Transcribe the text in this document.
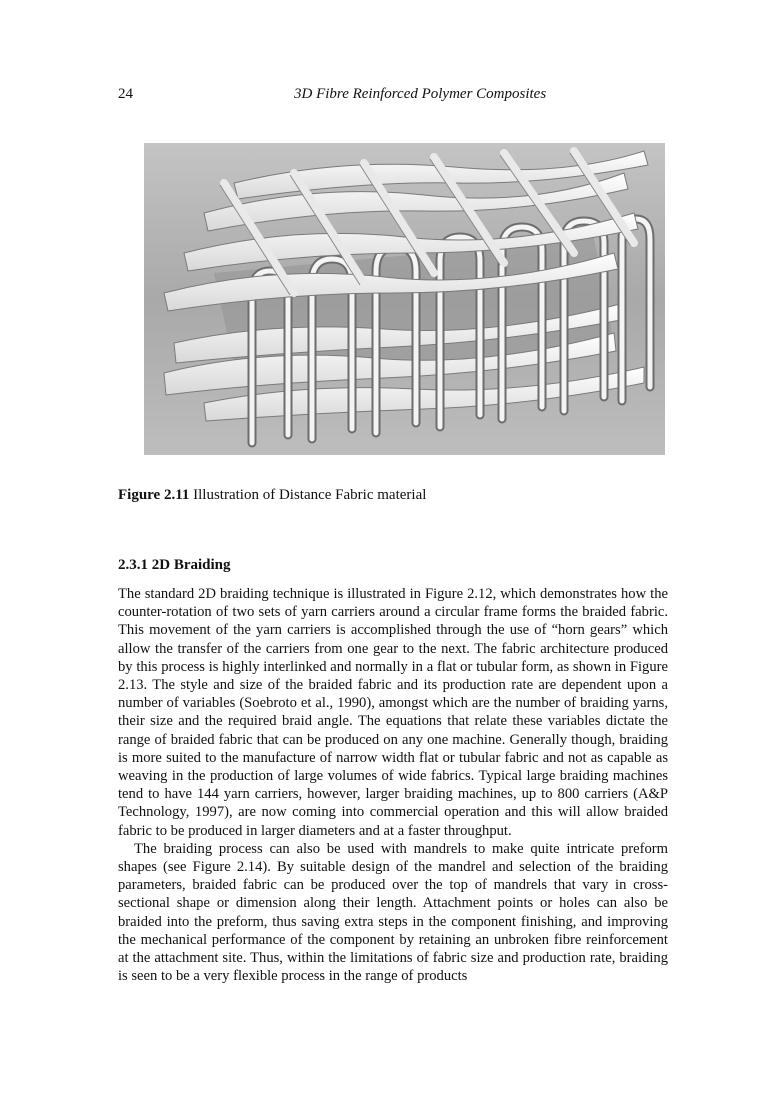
24	3D Fibre Reinforced Polymer Composites
Figure 2.11 Illustration of Distance Fabric material
2.3.1 2D Braiding

The standard 2D braiding technique is illustrated in Figure 2.12, which demonstrates how the counter-rotation of two sets of yarn carriers around a circular frame forms the braided fabric. This movement of the yarn carriers is accomplished through the use of “horn gears” which allow the transfer of the carriers from one gear to the next. The fabric architecture produced by this process is highly interlinked and normally in a flat or tubular form, as shown in Figure 2.13. The style and size of the braided fabric and its production rate are dependent upon a number of variables (Soebroto et al., 1990), amongst which are the number of braiding yarns, their size and the required braid angle. The equations that relate these variables dictate the range of braided fabric that can be produced on any one machine. Generally though, braiding is more suited to the manufacture of narrow width flat or tubular fabric and not as capable as weaving in the production of large volumes of wide fabrics. Typical large braiding machines tend to have 144 yarn carriers, however, larger braiding machines, up to 800 carriers (A&P Technology, 1997), are now coming into commercial operation and this will allow braided fabric to be produced in larger diameters and at a faster throughput.

The braiding process can also be used with mandrels to make quite intricate preform shapes (see Figure 2.14). By suitable design of the mandrel and selection of the braiding parameters, braided fabric can be produced over the top of mandrels that vary in cross-sectional shape or dimension along their length. Attachment points or holes can also be braided into the preform, thus saving extra steps in the component finishing, and improving the mechanical performance of the component by retaining an unbroken fibre reinforcement at the attachment site. Thus, within the limitations of fabric size and production rate, braiding is seen to be a very flexible process in the range of products
